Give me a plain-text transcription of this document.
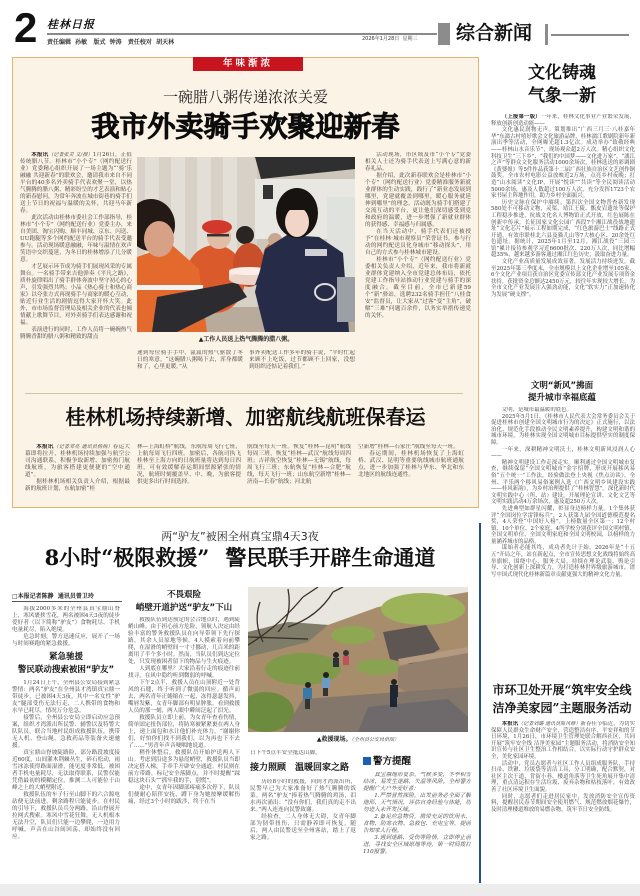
2 桂林日报
责任编辑  孙敏   版式  钟涛   责任校对  胡天林	2026年1月28日  星期三 综合新闻
年味渐浓
一碗腊八粥传递浓浓关爱
我市外卖骑手欢聚迎新春

本报讯（记者张灵 文/摄）1月26日，正值传统腊八节。桂林市“小个专”（网约配送行业）党委精心组织开展了一场主题为“‘骑’乐融融 共迎新春”的联欢会，邀请我市来自不同平台的40多名外卖骑手代表欢聚一堂，以热气腾腾的腊八粥、精彩纷呈的才艺表演和贴心的新春慰问，为常年奔波在城市街巷的骑手们送上节日的祝福与温暖的关怀，共迎马年新春。

此次活动由桂林市委社会工作部指导，桂林市“小个专”（网约配送行业）党委主办，来自美团、淘宝闪购、顺丰同城、京东、闪送、UU跑腿等多个网约配送平台的骑手代表受邀参与。活动现场暖意融融，年味与温情在欢声笑语中交织蔓延，为冬日的桂林增添了几分暖意。

才艺展示环节成为骑手们展现风采的专属舞台。一名骑手带来吉他弹奏《平凡之路》，质朴旋律唱出了骑手群体奔波中坚守初心的心声，引发强烈共鸣；小品《热心骑士和热心商家》以夸张方式再现骑手与商家的暖心互动，贴近行业生活的剧情逗得大家开怀大笑。此外，市市场监督管理局及相关企业的代表也倾情献上歌舞节目，对外卖骑手们表达感谢和祝福。

表演进行的同时，工作人员将一碗碗热气腾腾香甜的腊八粥和精致的甜点	▲工作人员送上热气腾腾的腊八粥。

递到每位骑手手中，氤氲的热气驱散了冬日的寒意。“这碗腊八粥喝下去，浑身都暖和了，心里更暖。”从

事外卖配送工作多年的骑手说，“平时忙起来顾不上吃饭，过节都顾不上回家，没想到组织还惦记着我们。”

活动现场，市区域及市“小个专”党委相关人士还为骑手代表送上写满心意的新春礼品。

据介绍，此次新春联欢会是桂林市“小个专”（网约配送行业）党委精准服务新就业群体的生动实践，践行了“新业态发展到哪里，党建就覆盖到哪里，暖心服务就延伸到哪里”的理念。活动既为骑手们搭建了交流互动的平台，更让他们深切感受到党和政府的温暖，进一步增强了新就业群体的获得感、幸福感与归属感。

在当天活动中，骑手代表们还被授予“在桂林·城市观察员”荣誉证书。参与行动的网约配送员化身城市“移动探头”，用自己的方式参与桂林城市建设。

桂林市“小个专”（网约配送行业）党委相关负责人介绍，近年来，我市将新就业群体党建纳入全市党建总体布局，依托党建工作指导站推动行业党建与骑手的深度融合。截至目前，全市已新建59个“新”驿站，选聘232名骑手担任“八桂食安”监督员，让大家从“过客”变“主角”，破解“三难”问题百余件，以务实举措传递党的关怀。

桂林机场持续新增、加密航线航班保春运

本报讯（记者邓亮 通讯员杨梅）春运大幕即将拉开，桂林机场持续加强与航空公司沟通联系，积极争取新增、加密热门航线航班，为旅客搭建更便捷的“空中通道”。

据桂林机场相关负责人介绍，根据最新的航班计划，东航加密“桂

林—上海虹桥”航线，东航每周飞行七班，上航每周飞行四班。加密后，各航司执飞桂林至上海方向的日航班量将达到每日四班，可有效缓解春运期间票源紧张的情况，航班时刻覆盖早、中、晚，为旅客提供更多出行时间选择。

航线至每天一班。恢复“桂林—昆明”航线每周三班，恢复“桂林—武汉”航线每周四班；吉祥航空恢复“桂林—无锡”航线，每周飞行三班；东航恢复“桂林—合肥”航线，每天飞行一班；山东航空新增“桂林—济南—长春”航线；河北航

空新增“桂林—石家庄”航线至每天一班。

春运期间，桂林机场恢复了上海虹桥、武汉、昆明等重要航线城市航班通航点，进一步加强了桂林与华东、华北和东北地区的航线连通性。

两“驴友”被困全州真宝鼎4天3夜
8小时“极限救援” 警民联手开辟生命通道
□本报记者陈静  通讯员曾卫玲

海拔2000多米的全州县真宝鼎山脊上，寒风裹挟雪花，两名被困4天3夜的徒步爱好者（以下简称“驴友”）食物耗尽、手机电量耗尽，陷入绝境。

危急时刻，警方迅速反应，展开了一场与时间赛跑的紧急救援。

紧急驰援
警民联动搜索被困“驴友”

1月24日上午，全州县公安局接到紧急警情：两名“驴友”在全州县才湾镇真宝鼎一带徒步，已被困4天3夜，其中一名女性“驴友”腿部受伤无法行走，二人携带的食物和水早已耗尽，情况万分危急。

接警后，全州县公安局立即启动应急预案，组织才湾派出所民警、辅警以及特警大队队员，联合当地村民组成救援队伍，携带无人机、登山绳、急救药品等装备火速驰援。

真宝鼎山脊坡陡路险，部分路段坡度接近60度，山间灌木荆棘丛生，碎石松动，雨雪冰冻使得路面湿滑，能见度非常低。被困者手机电量耗尽，无法取得联系，民警仅能凭借最初的模糊定位，推测二人可能位于山峰之上的大峭壁附近。

救援队伍的车子行至山脚下的六合源电站便无法前进，剩余路程只能徒步。在村民的引导下，救援队员兵分两路，沿山脊展开拉网式搜索。寒风中雪花狂舞，无人机根本无法升空，队员们只能一边攀爬，一边用力呼喊，声音在山谷间回荡，却始终没有回应。

不畏艰险
峭壁开道护送“驴友”下山

救援队伍到达预定的会合地点时，遇到陡峭山峰。由于担心前方危险，领航人决定由经验丰富的警务救援队员在向导带领下先行探路，其余人员原地等候。4人摸索着向前攀爬，在湿滑的峭壁间一寸寸挪动，几百米的距离用了半个多小时。然而，当队员们到达定位处，只发现被困者留下的物品与生火痕迹。

人到底在哪里？大家沿着行走的痕迹往前找寻，在风中隐约听到微弱的呼喊。

下午2点半，救援人员在山顶附近一处背风的石缝，终于听到了微弱的回应。循声而去，两名青年正蜷缩在一起，冻得瑟瑟发抖，嘴唇发紫，女青年脚部有明显肿胀。看到救援人员的那一刻，两人眼中瞬间泛起了泪光。

救援队员立即上前，为女青年查看伤情，简单固定扭伤部位，将防寒被紧紧裹在两人身上，递上面包和水让他们补充体力。“谢谢你们，好怕你们找不到我们，以为再也下不去了……”男青年声音哽咽地说道。

稍作休整后，救援队员开始护送两人下山。考虑到沿途多为悬崖峭壁，救援队员当即决定搭人梯，手牵手开辟安全通道。村民则在前方带路，标记安全落脚点，并不时提醒“踩稳这块石头”“抓牢我的手，别慌”。

途中，女青年因脚部疼痛多次停下，队员们便耐心陪伴安抚，蹲下身为她按摩缓解伤痛，经过3个小时的跋涉，终于在当

▲救援现场。（全州县公安局供图）

日下午5点半安全抵达山脚。

接力照顾　温暖回家之路

历经8小时的救援，回到才湾派出所，民警早已为大家准备好了热气腾腾的饭菜。两名“驴友”捧着热气腾腾的鸡汤，泪水再次涌出：“没有你们，我们真的走不出来。”两人连连向民警致谢。

经检查，二人身体无大碍，女青年脚部为韧带扭伤，只需静养即可恢复。随后，两人由民警送至全州客站，踏上了返家之路。

警方提醒

真宝鼎地形复杂，气候多变，冬季积雪结冰，易发生迷路、失温等风险。全州警方提醒广大户外爱好者：

1.严禁冒然探险，出发前务必全面了解地形、天气情况，评估自身经验与体能，切勿进入未开发区域。

2.备足应急物资，携带充足的饮用水、食物、防寒衣物、急救包、充电宝等，提前告知家人行程。

3.遇到迷路、受伤等险情，立即停止前进，寻找安全区域原地等待，第一时间拨打110报警。

文化铸魂
气象一新

（上接第一版）一年来，桂林文化事业产业繁荣发展，释放创新创造动能——

文化惠民润物无声。策划推出“广西三月三·八桂嘉年华”东漓古村嘻好歌会文化旅游品牌，桂林漓江歌剧院新年新演出季等活动，全网曝光超1.3亿次。成功举办“致敬经典——桂林山水音乐节”，现场观众超2万人次。精心组织文化科技卫生“三下乡”、“我们的中国梦——文化进万家”、“漓江之声”等群众文化服务活动1000余场次，桂林选送的彩调剧《黄婆姐》等5件作品获第十二届广西壮族自治区文艺创作铜鼓奖。全市农村电影公益放映近2万场，点亮乡村夜晚；打造“山水阅读”文化IP，开展“悦读”“共读”等全民阅读活动5000余场，惠及人数超过100万人次，充分发挥1723个农家书屋主阵地作用，助力乡村全面振兴。

历史文脉在保护中赓续。第四次全国文物普查新发现580处不可移动文物，灵渠、靖江王陵、甑皮岩遗址等保护工程稳步推进，抗战文化名人博物馆正式开放，红色展陈在创新中传承。长征国家文化公园广西段7个湘江战役战地遗址“文化芯片”展示工程如期完成，“红色旅游巴士”线路正式开通，有效串联桂北六县及猫儿山等7大核心区、20余处红色遗址。据统计，2025年1月至12月，湘江战役“三园三馆”累计接待参观学习近6600批次、220万人次，同比增幅超35%，越来越多游客通过湘江红色历史，汲取奋进力量。

文化产业高质量发展成效显著，发展活力持续迸发。截至2025年第三季度末，全市规模以上文化企业增至105家，6个文化产业项目获自治区党委宣传部文化产业发展专项资金扶持，获批资金总额达2450万元，较往年实现较大增长，为全市文化产业发展注入强劲动能，文化“软实力”正加速转化为发展“硬支撑”。

文明“新风”拂面
提升城市幸福底蕴

文明，是城市最温暖的底色。

2025年5月1日，《桂林市人民代表大会常务委员会关于促进桂林市创建全国文明城市行为的决定》正式施行，以法治化、规范化手段推动全民文明素养提升，构建文明和谐的城市环境，为桂林实现全国文明城市目标提供坚实的制度保障。

一年来，深耕精神文明沃土，桂林文明新风浸润人心——

精神文明建设工作走深走实。顺利通过全国文明城市复查，继续保留“全国文明城市”金字招牌，形成开展移风易俗“五个统一”工作法，经验做法登上央视《焦点访谈》。全州、平乐两个移风易俗案例入选《广西文明乡风建设实践——桂风新韵》，为乡村治理提供了“桂林智慧”。深化新时代文明实践中心（所、站）建设，开展理论宣讲、文化文艺等文明实践活动4万余场次，惠及超250万人次。

先进典型如群星闪耀，彰显身边榜样力量。1个集体获评“全国岗位学雷锋标兵”，2人获第九届全国道德模范提名奖，4人荣登“中国好人榜”，上榜数量全区第一；12个村镇、10个单位、2个家庭、4所学校分别获评全国文明村镇、全国文明单位、全国文明家庭和全国文明校园，以榜样的力量涵养城市的品格。

谋始者必能其终，成功者先计于始。2026年是“十五五”开局之年，站在新起点，全市宣传思想文化战线将始终高举旗帜，围绕中心，服务大局，持续在理论武装、舆论引导、文化创新上深耕发力，为打造桂林世界级旅游城市，谱写中国式现代化桂林新篇章贡献更强大的精神文化力量。

市环卫处开展“筑牢安全线
洁净美家园”主题服务活动

本报讯（记者刘璐 通讯员陈风峰）新春佳节临近，为切实保障人民群众生命财产安全，营造整洁有序、平安祥和的节日环境，1月26日，市环境卫生管理处联合解西社区，共同开展“筑牢安全线 洁净美家园”主题服务活动，将消防安全知识宣传与社区卫生整治工作相结合，以实际行动守护群众安全，美化家园环境。

活动中，党员志愿者与社区工作人员组成服务队，手持扫帚、铁锹、垃圾袋等清洁工具，分工明确，配合默契，对社区主次干道、背街小巷、楼道角落等卫生死角展开集中清理，重点清运积存生活垃圾、废弃杂物和枯枝落叶，有效改善了社区环境卫生面貌。

同时，志愿者们走进居民家中，发放消防安全宣传资料，提醒居民春节期间安全使用燃气、规范燃放烟花爆竹，及时清理楼道堆放的易燃杂物，筑牢节日安全防线。
